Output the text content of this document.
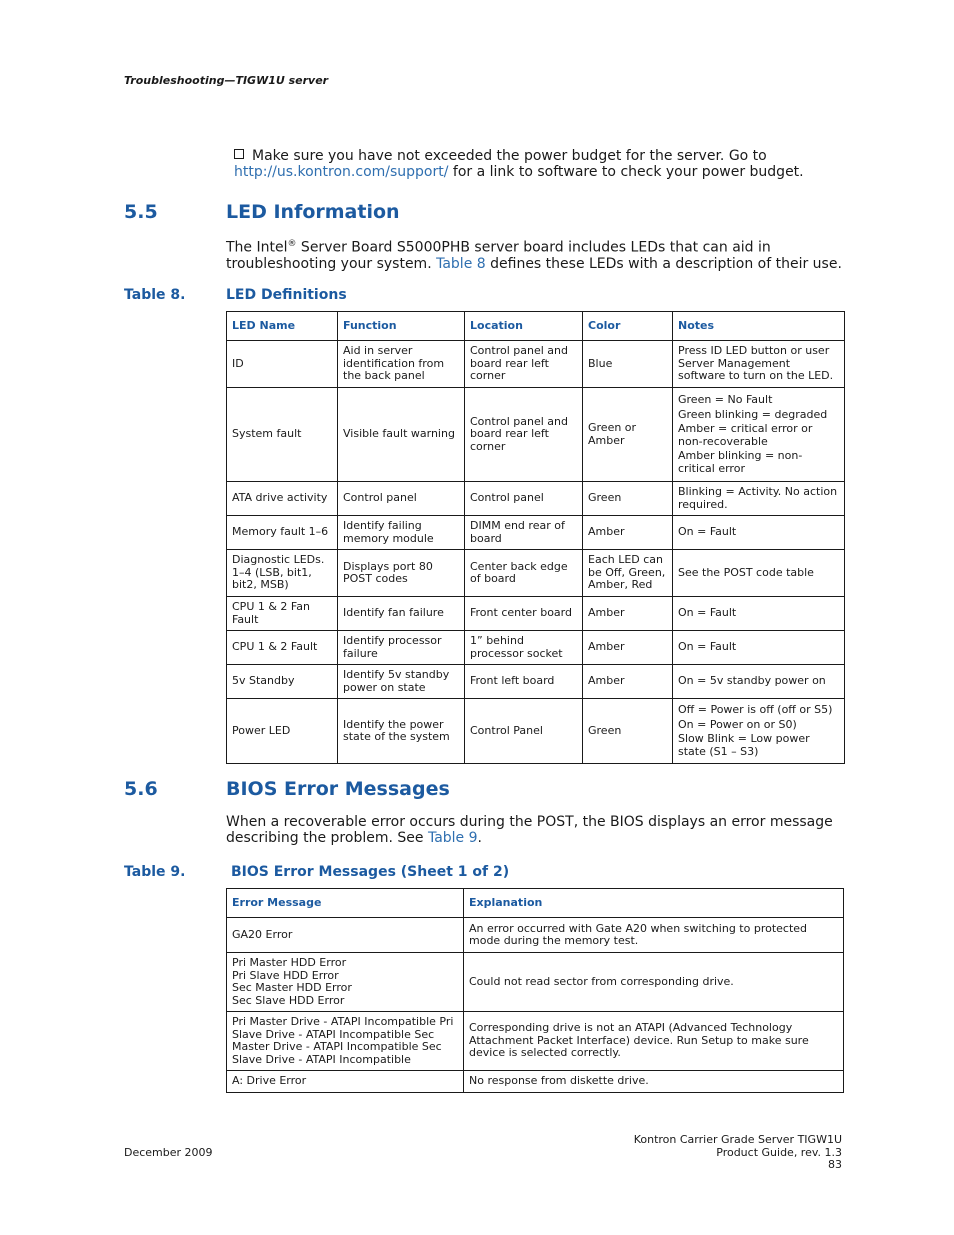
Troubleshooting—TIGW1U server
Make sure you have not exceeded the power budget for the server. Go to http://us.kontron.com/support/ for a link to software to check your power budget.
5.5	LED Information
The Intel® Server Board S5000PHB server board includes LEDs that can aid in troubleshooting your system. Table 8 defines these LEDs with a description of their use.
Table 8.	LED Definitions
LED Name	Function	Location	Color	Notes
ID	Aid in server identification from the back panel	Control panel and board rear left corner	Blue	Press ID LED button or user Server Management software to turn on the LED.

System fault	Visible fault warning	Control panel and board rear left corner	Green or Amber	Green = No Fault
Green blinking = degraded
Amber = critical error or non-recoverable
Amber blinking = non-critical error

ATA drive activity	Control panel	Control panel	Green	Blinking = Activity. No action required.

Memory fault 1–6	Identify failing memory module	DIMM end rear of board	Amber	On = Fault

Diagnostic LEDs. 1–4 (LSB, bit1, bit2, MSB)	Displays port 80 POST codes	Center back edge of board	Each LED can be Off, Green, Amber, Red	See the POST code table

CPU 1 & 2 Fan Fault	Identify fan failure	Front center board	Amber	On = Fault

CPU 1 & 2 Fault	Identify processor failure	1” behind processor socket	Amber	On = Fault

5v Standby	Identify 5v standby power on state	Front left board	Amber	On = 5v standby power on

Power LED	Identify the power state of the system	Control Panel	Green	Off = Power is off (off or S5)
On = Power on or S0)
Slow Blink = Low power state (S1 – S3)
5.6	BIOS Error Messages
When a recoverable error occurs during the POST, the BIOS displays an error message describing the problem. See Table 9.
Table 9.	BIOS Error Messages (Sheet 1 of 2)
Error Message	Explanation
GA20 Error	An error occurred with Gate A20 when switching to protected mode during the memory test.
Pri Master HDD Error
Pri Slave HDD Error
Sec Master HDD Error
Sec Slave HDD Error	Could not read sector from corresponding drive.
Pri Master Drive - ATAPI Incompatible Pri Slave Drive - ATAPI Incompatible Sec Master Drive - ATAPI Incompatible Sec Slave Drive - ATAPI Incompatible	Corresponding drive is not an ATAPI (Advanced Technology Attachment Packet Interface) device. Run Setup to make sure device is selected correctly.
A: Drive Error	No response from diskette drive.
December 2009
Kontron Carrier Grade Server TIGW1U
Product Guide, rev. 1.3
83
